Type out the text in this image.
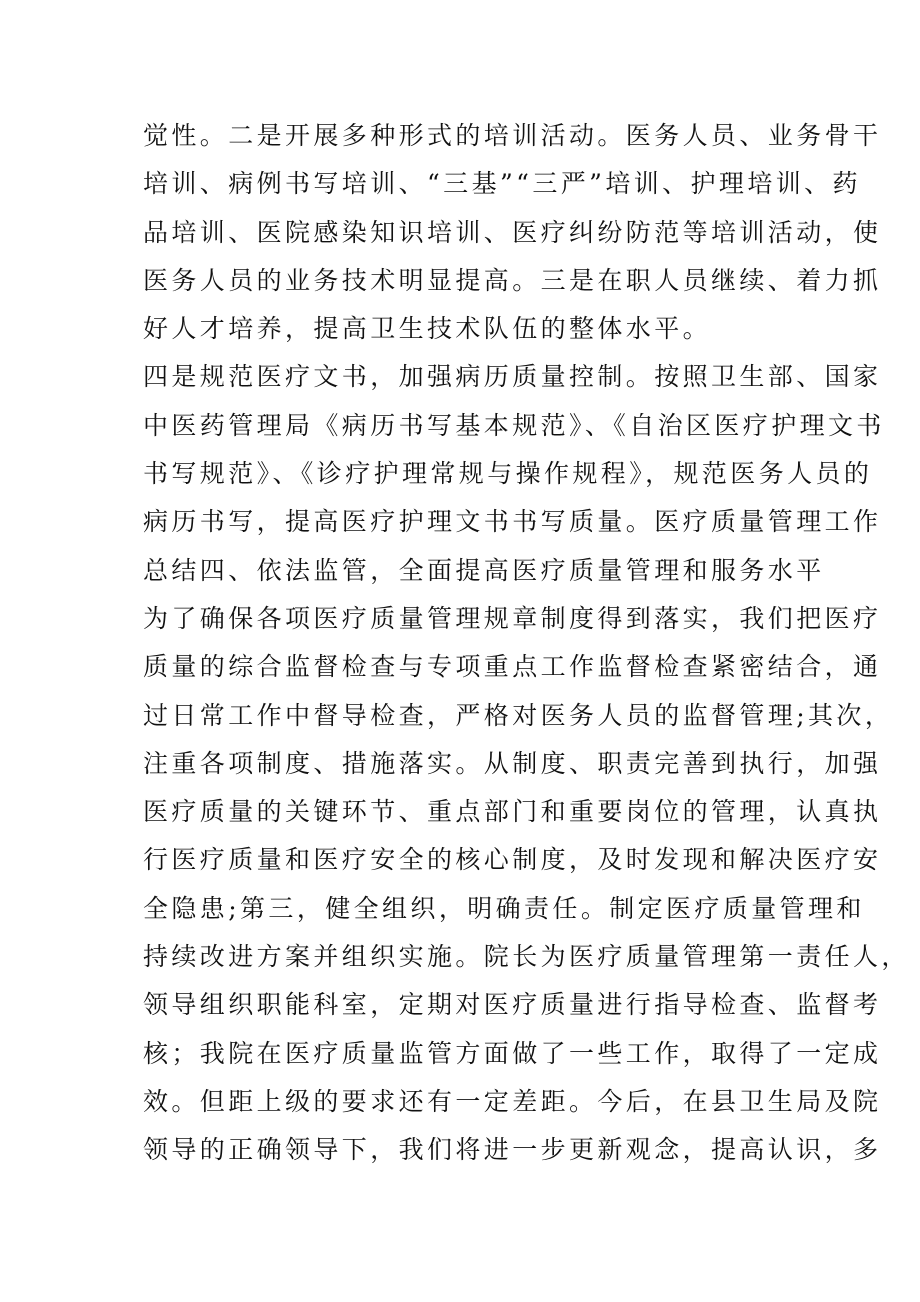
觉性。二是开展多种形式的培训活动。医务人员、业务骨干
培训、病例书写培训、“三基”“三严”培训、护理培训、药
品培训、医院感染知识培训、医疗纠纷防范等培训活动，使
医务人员的业务技术明显提高。三是在职人员继续、着力抓
好人才培养，提高卫生技术队伍的整体水平。
四是规范医疗文书，加强病历质量控制。按照卫生部、国家
中医药管理局《病历书写基本规范》、《自治区医疗护理文书
书写规范》、《诊疗护理常规与操作规程》，规范医务人员的
病历书写，提高医疗护理文书书写质量。医疗质量管理工作
总结四、依法监管，全面提高医疗质量管理和服务水平
为了确保各项医疗质量管理规章制度得到落实，我们把医疗
质量的综合监督检查与专项重点工作监督检查紧密结合，通
过日常工作中督导检查，严格对医务人员的监督管理;其次，
注重各项制度、措施落实。从制度、职责完善到执行，加强
医疗质量的关键环节、重点部门和重要岗位的管理，认真执
行医疗质量和医疗安全的核心制度，及时发现和解决医疗安
全隐患;第三，健全组织，明确责任。制定医疗质量管理和
持续改进方案并组织实施。院长为医疗质量管理第一责任人，
领导组织职能科室，定期对医疗质量进行指导检查、监督考
核；我院在医疗质量监管方面做了一些工作，取得了一定成
效。但距上级的要求还有一定差距。今后，在县卫生局及院
领导的正确领导下，我们将进一步更新观念，提高认识，多
